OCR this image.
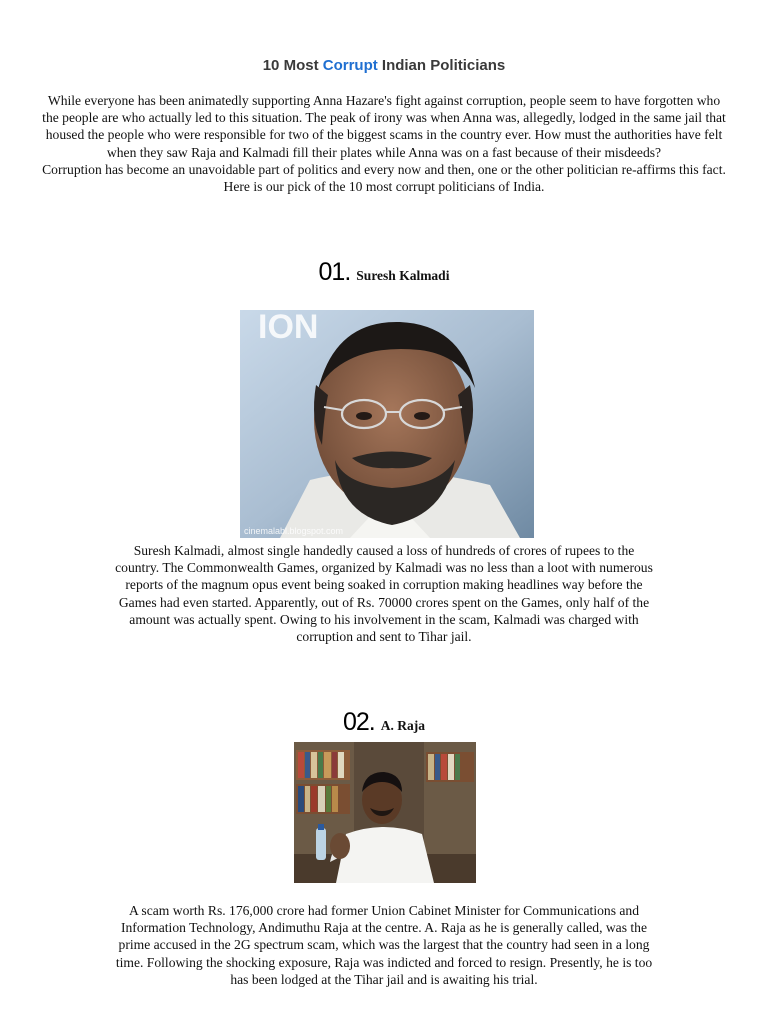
10 Most Corrupt Indian Politicians

While everyone has been animatedly supporting Anna Hazare's fight against corruption, people seem to have forgotten who the people are who actually led to this situation. The peak of irony was when Anna was, allegedly, lodged in the same jail that housed the people who were responsible for two of the biggest scams in the country ever. How must the authorities have felt when they saw Raja and Kalmadi fill their plates while Anna was on a fast because of their misdeeds?

Corruption has become an unavoidable part of politics and every now and then, one or the other politician re-affirms this fact. Here is our pick of the 10 most corrupt politicians of India.

01. Suresh Kalmadi
ION
cinemalabl.blogspot.com

Suresh Kalmadi, almost single handedly caused a loss of hundreds of crores of rupees to the country. The Commonwealth Games, organized by Kalmadi was no less than a loot with numerous reports of the magnum opus event being soaked in corruption making headlines way before the Games had even started. Apparently, out of Rs. 70000 crores spent on the Games, only half of the amount was actually spent. Owing to his involvement in the scam, Kalmadi was charged with corruption and sent to Tihar jail.

02. A. Raja

A scam worth Rs. 176,000 crore had former Union Cabinet Minister for Communications and Information Technology, Andimuthu Raja at the centre. A. Raja as he is generally called, was the prime accused in the 2G spectrum scam, which was the largest that the country had seen in a long time. Following the shocking exposure, Raja was indicted and forced to resign. Presently, he is too has been lodged at the Tihar jail and is awaiting his trial.
